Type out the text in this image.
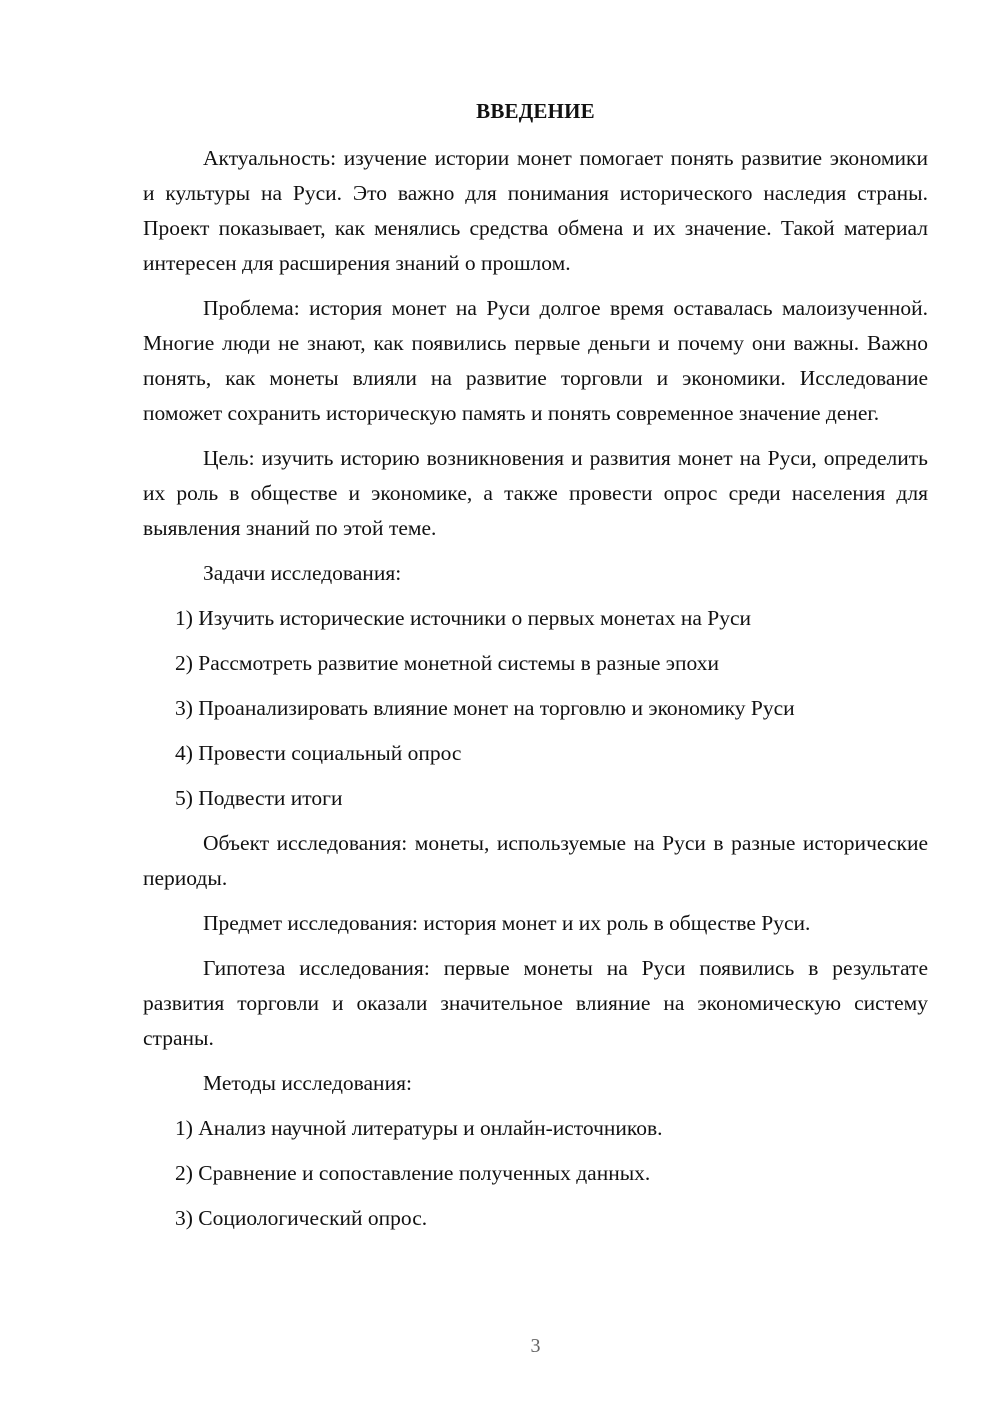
ВВЕДЕНИЕ

Актуальность: изучение истории монет помогает понять развитие экономики и культуры на Руси. Это важно для понимания исторического наследия страны. Проект показывает, как менялись средства обмена и их значение. Такой материал интересен для расширения знаний о прошлом.

Проблема: история монет на Руси долгое время оставалась малоизученной. Многие люди не знают, как появились первые деньги и почему они важны. Важно понять, как монеты влияли на развитие торговли и экономики. Исследование поможет сохранить историческую память и понять современное значение денег.

Цель: изучить историю возникновения и развития монет на Руси, определить их роль в обществе и экономике, а также провести опрос среди населения для выявления знаний по этой теме.

Задачи исследования:

1) Изучить исторические источники о первых монетах на Руси

2) Рассмотреть развитие монетной системы в разные эпохи

3) Проанализировать влияние монет на торговлю и экономику Руси

4) Провести социальный опрос

5) Подвести итоги

Объект исследования: монеты, используемые на Руси в разные исторические периоды.

Предмет исследования: история монет и их роль в обществе Руси.

Гипотеза исследования: первые монеты на Руси появились в результате развития торговли и оказали значительное влияние на экономическую систему страны.

Методы исследования:

1) Анализ научной литературы и онлайн-источников.

2) Сравнение и сопоставление полученных данных.

3) Социологический опрос.

3
